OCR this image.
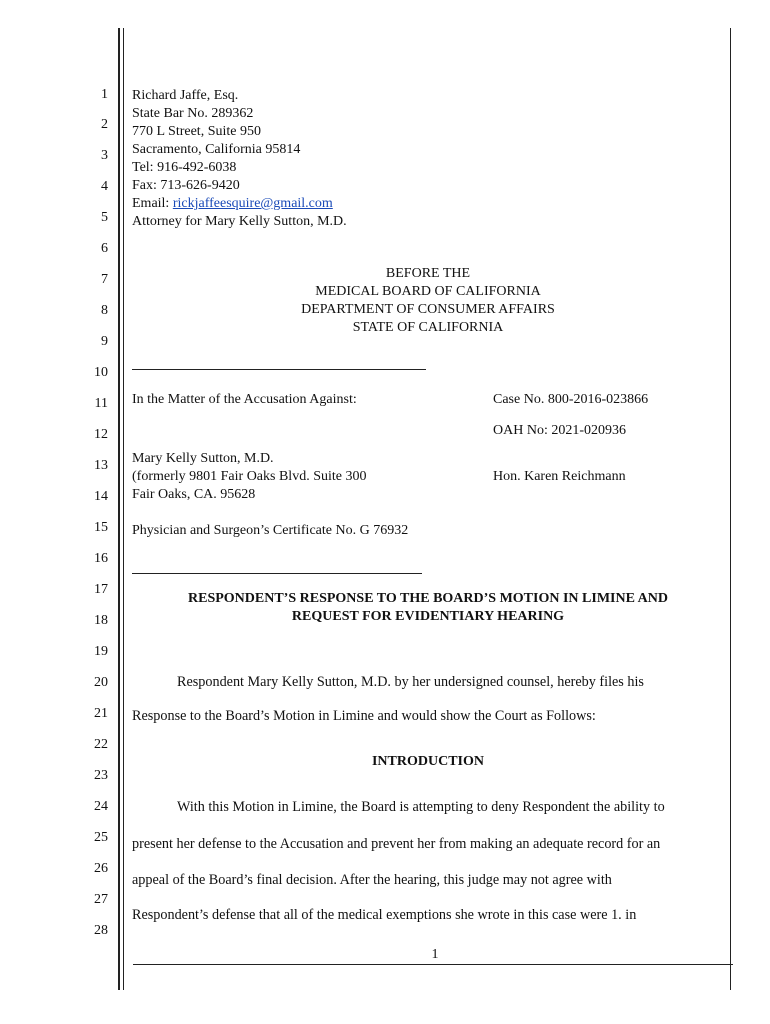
1
2
3
4
5
6
7
8
9
10
11
12
13
14
15
16
17
18
19
20
21
22
23
24
25
26
27
28
Richard Jaffe, Esq.
State Bar No. 289362
770 L Street, Suite 950
Sacramento, California 95814
Tel: 916-492-6038
Fax: 713-626-9420
Email: rickjaffeesquire@gmail.com
Attorney for Mary Kelly Sutton, M.D.
BEFORE THE
MEDICAL BOARD OF CALIFORNIA
DEPARTMENT OF CONSUMER AFFAIRS
STATE OF CALIFORNIA
In the Matter of the Accusation Against:	Case No. 800-2016-023866
OAH No: 2021-020936
Mary Kelly Sutton, M.D.
(formerly 9801 Fair Oaks Blvd. Suite 300	Hon. Karen Reichmann
Fair Oaks, CA. 95628
Physician and Surgeon’s Certificate No. G 76932
RESPONDENT’S RESPONSE TO THE BOARD’S MOTION IN LIMINE AND
REQUEST FOR EVIDENTIARY HEARING
Respondent Mary Kelly Sutton, M.D. by her undersigned counsel, hereby files his
Response to the Board’s Motion in Limine and would show the Court as Follows:
INTRODUCTION
With this Motion in Limine, the Board is attempting to deny Respondent the ability to
present her defense to the Accusation and prevent her from making an adequate record for an
appeal of the Board’s final decision. After the hearing, this judge may not agree with
Respondent’s defense that all of the medical exemptions she wrote in this case were 1. in
1
